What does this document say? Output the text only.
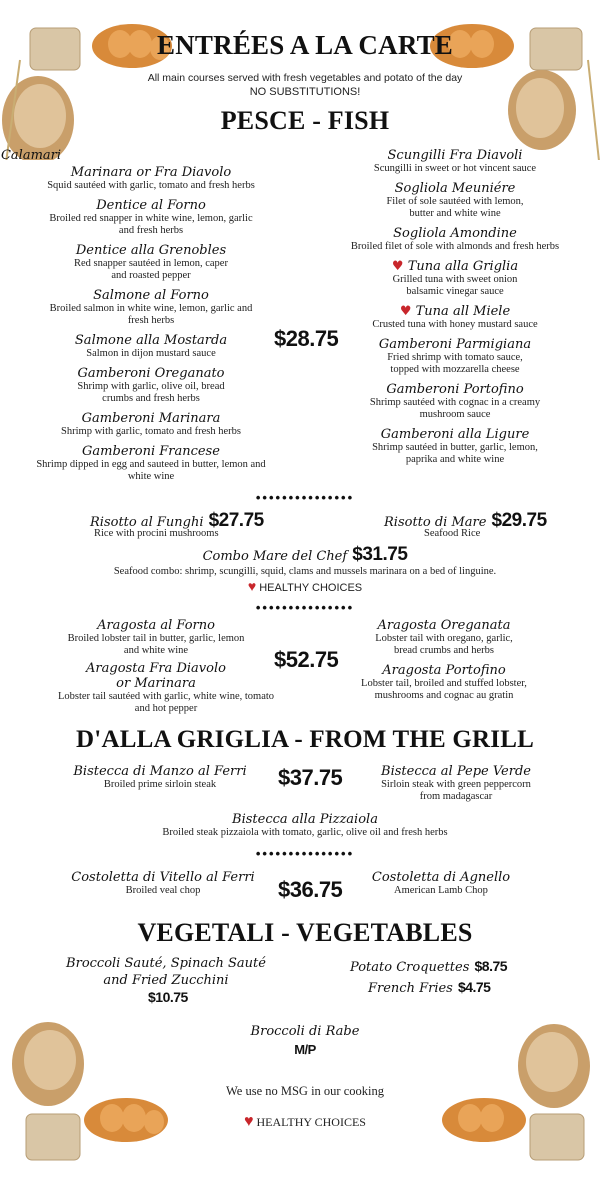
ENTRÉES A LA CARTE
All main courses served with fresh vegetables and potato of the day
NO SUBSTITUTIONS!
PESCE - FISH
Calamari
Marinara or Fra Diavolo
Squid sautéed with garlic, tomato and fresh herbs
Dentice al Forno
Broiled red snapper in white wine, lemon, garlic and fresh herbs
Dentice alla Grenobles
Red snapper sautéed in lemon, caper and roasted pepper
Salmone al Forno
Broiled salmon in white wine, lemon, garlic and fresh herbs
Salmone alla Mostarda
Salmon in dijon mustard sauce
Gamberoni Oreganato
Shrimp with garlic, olive oil, bread crumbs and fresh herbs
Gamberoni Marinara
Shrimp with garlic, tomato and fresh herbs
Gamberoni Francese
Shrimp dipped in egg and sauteed in butter, lemon and white wine
$28.75
Scungilli Fra Diavoli
Scungilli in sweet or hot vincent sauce
Sogliola Meuniére
Filet of sole sautéed with lemon, butter and white wine
Sogliola Amondine
Broiled filet of sole with almonds and fresh herbs
♥ Tuna alla Griglia
Grilled tuna with sweet onion balsamic vinegar sauce
♥ Tuna all Miele
Crusted tuna with honey mustard sauce
Gamberoni Parmigiana
Fried shrimp with tomato sauce, topped with mozzarella cheese
Gamberoni Portofino
Shrimp sautéed with cognac in a creamy mushroom sauce
Gamberoni alla Ligure
Shrimp sautéed in butter, garlic, lemon, paprika and white wine
•••••••••••••••
Risotto al Funghi $27.75
Rice with procini mushrooms
Risotto di Mare $29.75
Seafood Rice
Combo Mare del Chef $31.75
Seafood combo: shrimp, scungilli, squid, clams and mussels marinara on a bed of linguine.
♥ HEALTHY CHOICES
•••••••••••••••
Aragosta al Forno
Broiled lobster tail in butter, garlic, lemon and white wine
Aragosta Fra Diavolo
or Marinara
Lobster tail sautéed with garlic, white wine, tomato and hot pepper
$52.75
Aragosta Oreganata
Lobster tail with oregano, garlic, bread crumbs and herbs
Aragosta Portofino
Lobster tail, broiled and stuffed lobster, mushrooms and cognac au gratin
D'ALLA GRIGLIA - FROM THE GRILL
Bistecca di Manzo al Ferri
Broiled prime sirloin steak	$37.75	Bistecca al Pepe Verde
Sirloin steak with green peppercorn from madagascar
Bistecca alla Pizzaiola
Broiled steak pizzaiola with tomato, garlic, olive oil and fresh herbs
•••••••••••••••
Costoletta di Vitello al Ferri
Broiled veal chop	$36.75	Costoletta di Agnello
American Lamb Chop
VEGETALI - VEGETABLES
Broccoli Sauté, Spinach Sauté
and Fried Zucchini
$10.75
Potato Croquettes $8.75
French Fries $4.75
Broccoli di Rabe
M/P
We use no MSG in our cooking
♥ HEALTHY CHOICES
